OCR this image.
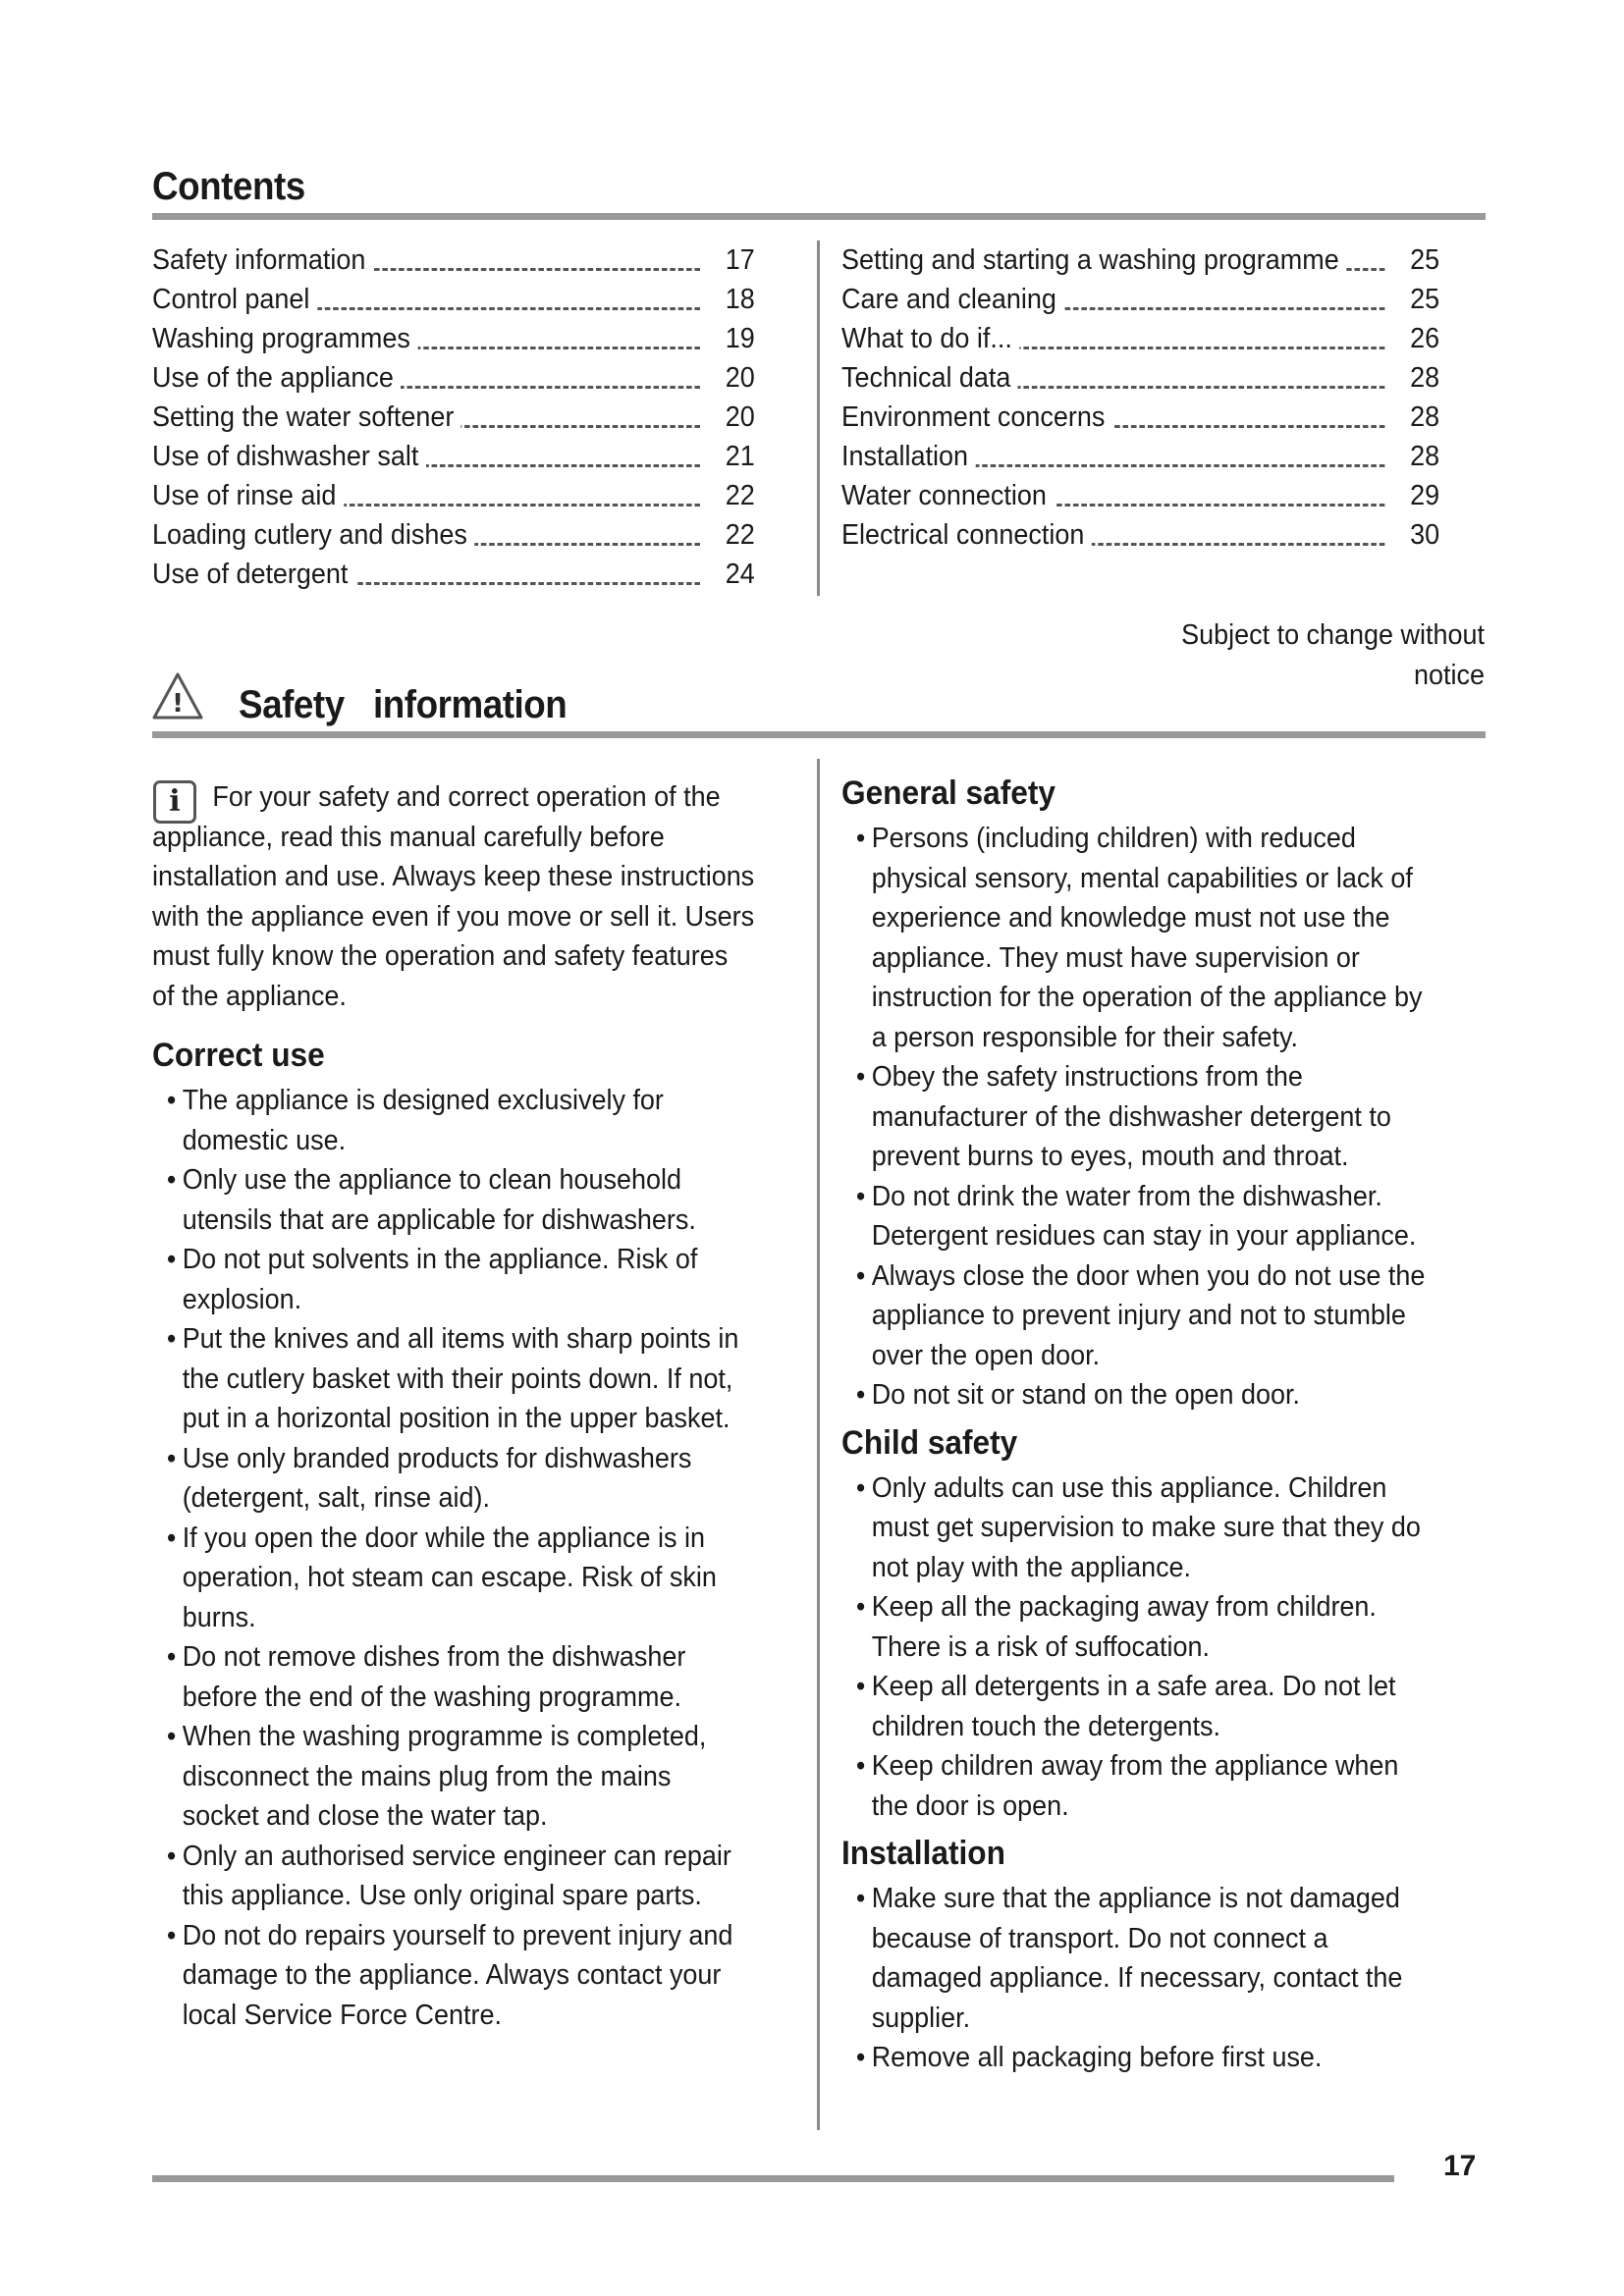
Contents
Safety information	17
Control panel	18
Washing programmes	19
Use of the appliance	20
Setting the water softener	20
Use of dishwasher salt	21
Use of rinse aid	22
Loading cutlery and dishes	22
Use of detergent	24
Setting and starting a washing programme 25
Care and cleaning	25
What to do if...	26
Technical data	28
Environment concerns	28
Installation	28
Water connection	29
Electrical connection	30
Subject to change without notice
! Safety   information
i	For your safety and correct operation of the appliance, read this manual carefully before installation and use. Always keep these instructions with the appliance even if you move or sell it. Users must fully know the operation and safety features of the appliance.

Correct use

• The appliance is designed exclusively for domestic use.

• Only use the appliance to clean household utensils that are applicable for dishwashers.

• Do not put solvents in the appliance. Risk of explosion.

• Put the knives and all items with sharp points in the cutlery basket with their points down. If not, put in a horizontal position in the upper basket.

• Use only branded products for dishwashers (detergent, salt, rinse aid).

• If you open the door while the appliance is in operation, hot steam can escape. Risk of skin burns.

• Do not remove dishes from the dishwasher before the end of the washing programme.

• When the washing programme is completed, disconnect the mains plug from the mains socket and close the water tap.

• Only an authorised service engineer can repair this appliance. Use only original spare parts.

• Do not do repairs yourself to prevent injury and damage to the appliance. Always contact your local Service Force Centre.

General safety

• Persons (including children) with reduced physical sensory, mental capabilities or lack of experience and knowledge must not use the appliance. They must have supervision or instruction for the operation of the appliance by a person responsible for their safety.

• Obey the safety instructions from the manufacturer of the dishwasher detergent to prevent burns to eyes, mouth and throat.

• Do not drink the water from the dishwasher. Detergent residues can stay in your appliance.

• Always close the door when you do not use the appliance to prevent injury and not to stumble over the open door.

• Do not sit or stand on the open door.

Child safety

• Only adults can use this appliance. Children must get supervision to make sure that they do not play with the appliance.

• Keep all the packaging away from children. There is a risk of suffocation.

• Keep all detergents in a safe area. Do not let children touch the detergents.

• Keep children away from the appliance when the door is open.

Installation

• Make sure that the appliance is not damaged because of transport. Do not connect a damaged appliance. If necessary, contact the supplier.

• Remove all packaging before first use.

17
